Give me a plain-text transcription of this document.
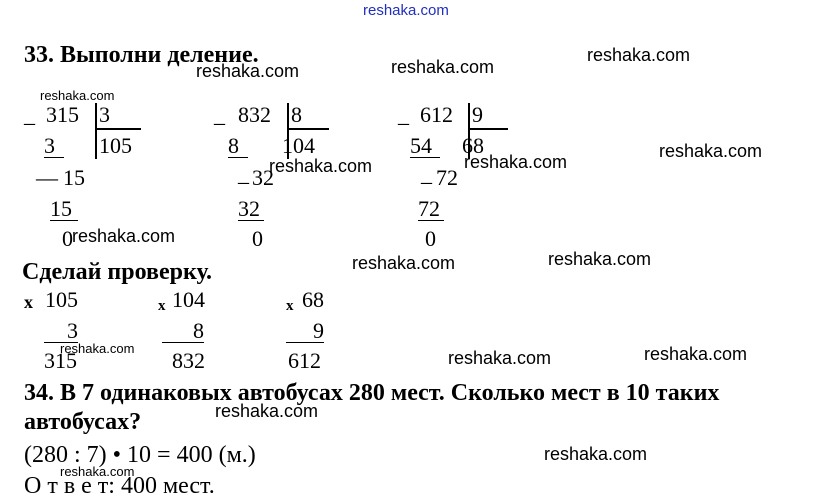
reshaka.com
33. Выполни деление.
_ 315 3
3	105
— 15
15
0
_ 832 8
8	104
_ 32
32
0
_ 612 9
54	68
_ 72
72
0
Сделай проверку.
x 105
3
315
x 104
8
832
x 68
9
612
34. В 7 одинаковых автобусах 280 мест. Сколько мест в 10 таких
автобусах?
(280 : 7) • 10 = 400 (м.)
О т в е т: 400 мест.
reshaka.com
reshaka.com	reshaka.com
reshaka.com
reshaka.com
reshaka.com	reshaka.com
reshaka.com
reshaka.com	reshaka.com
reshaka.com	reshaka.com	reshaka.com
reshaka.com
reshaka.com
reshaka.com
